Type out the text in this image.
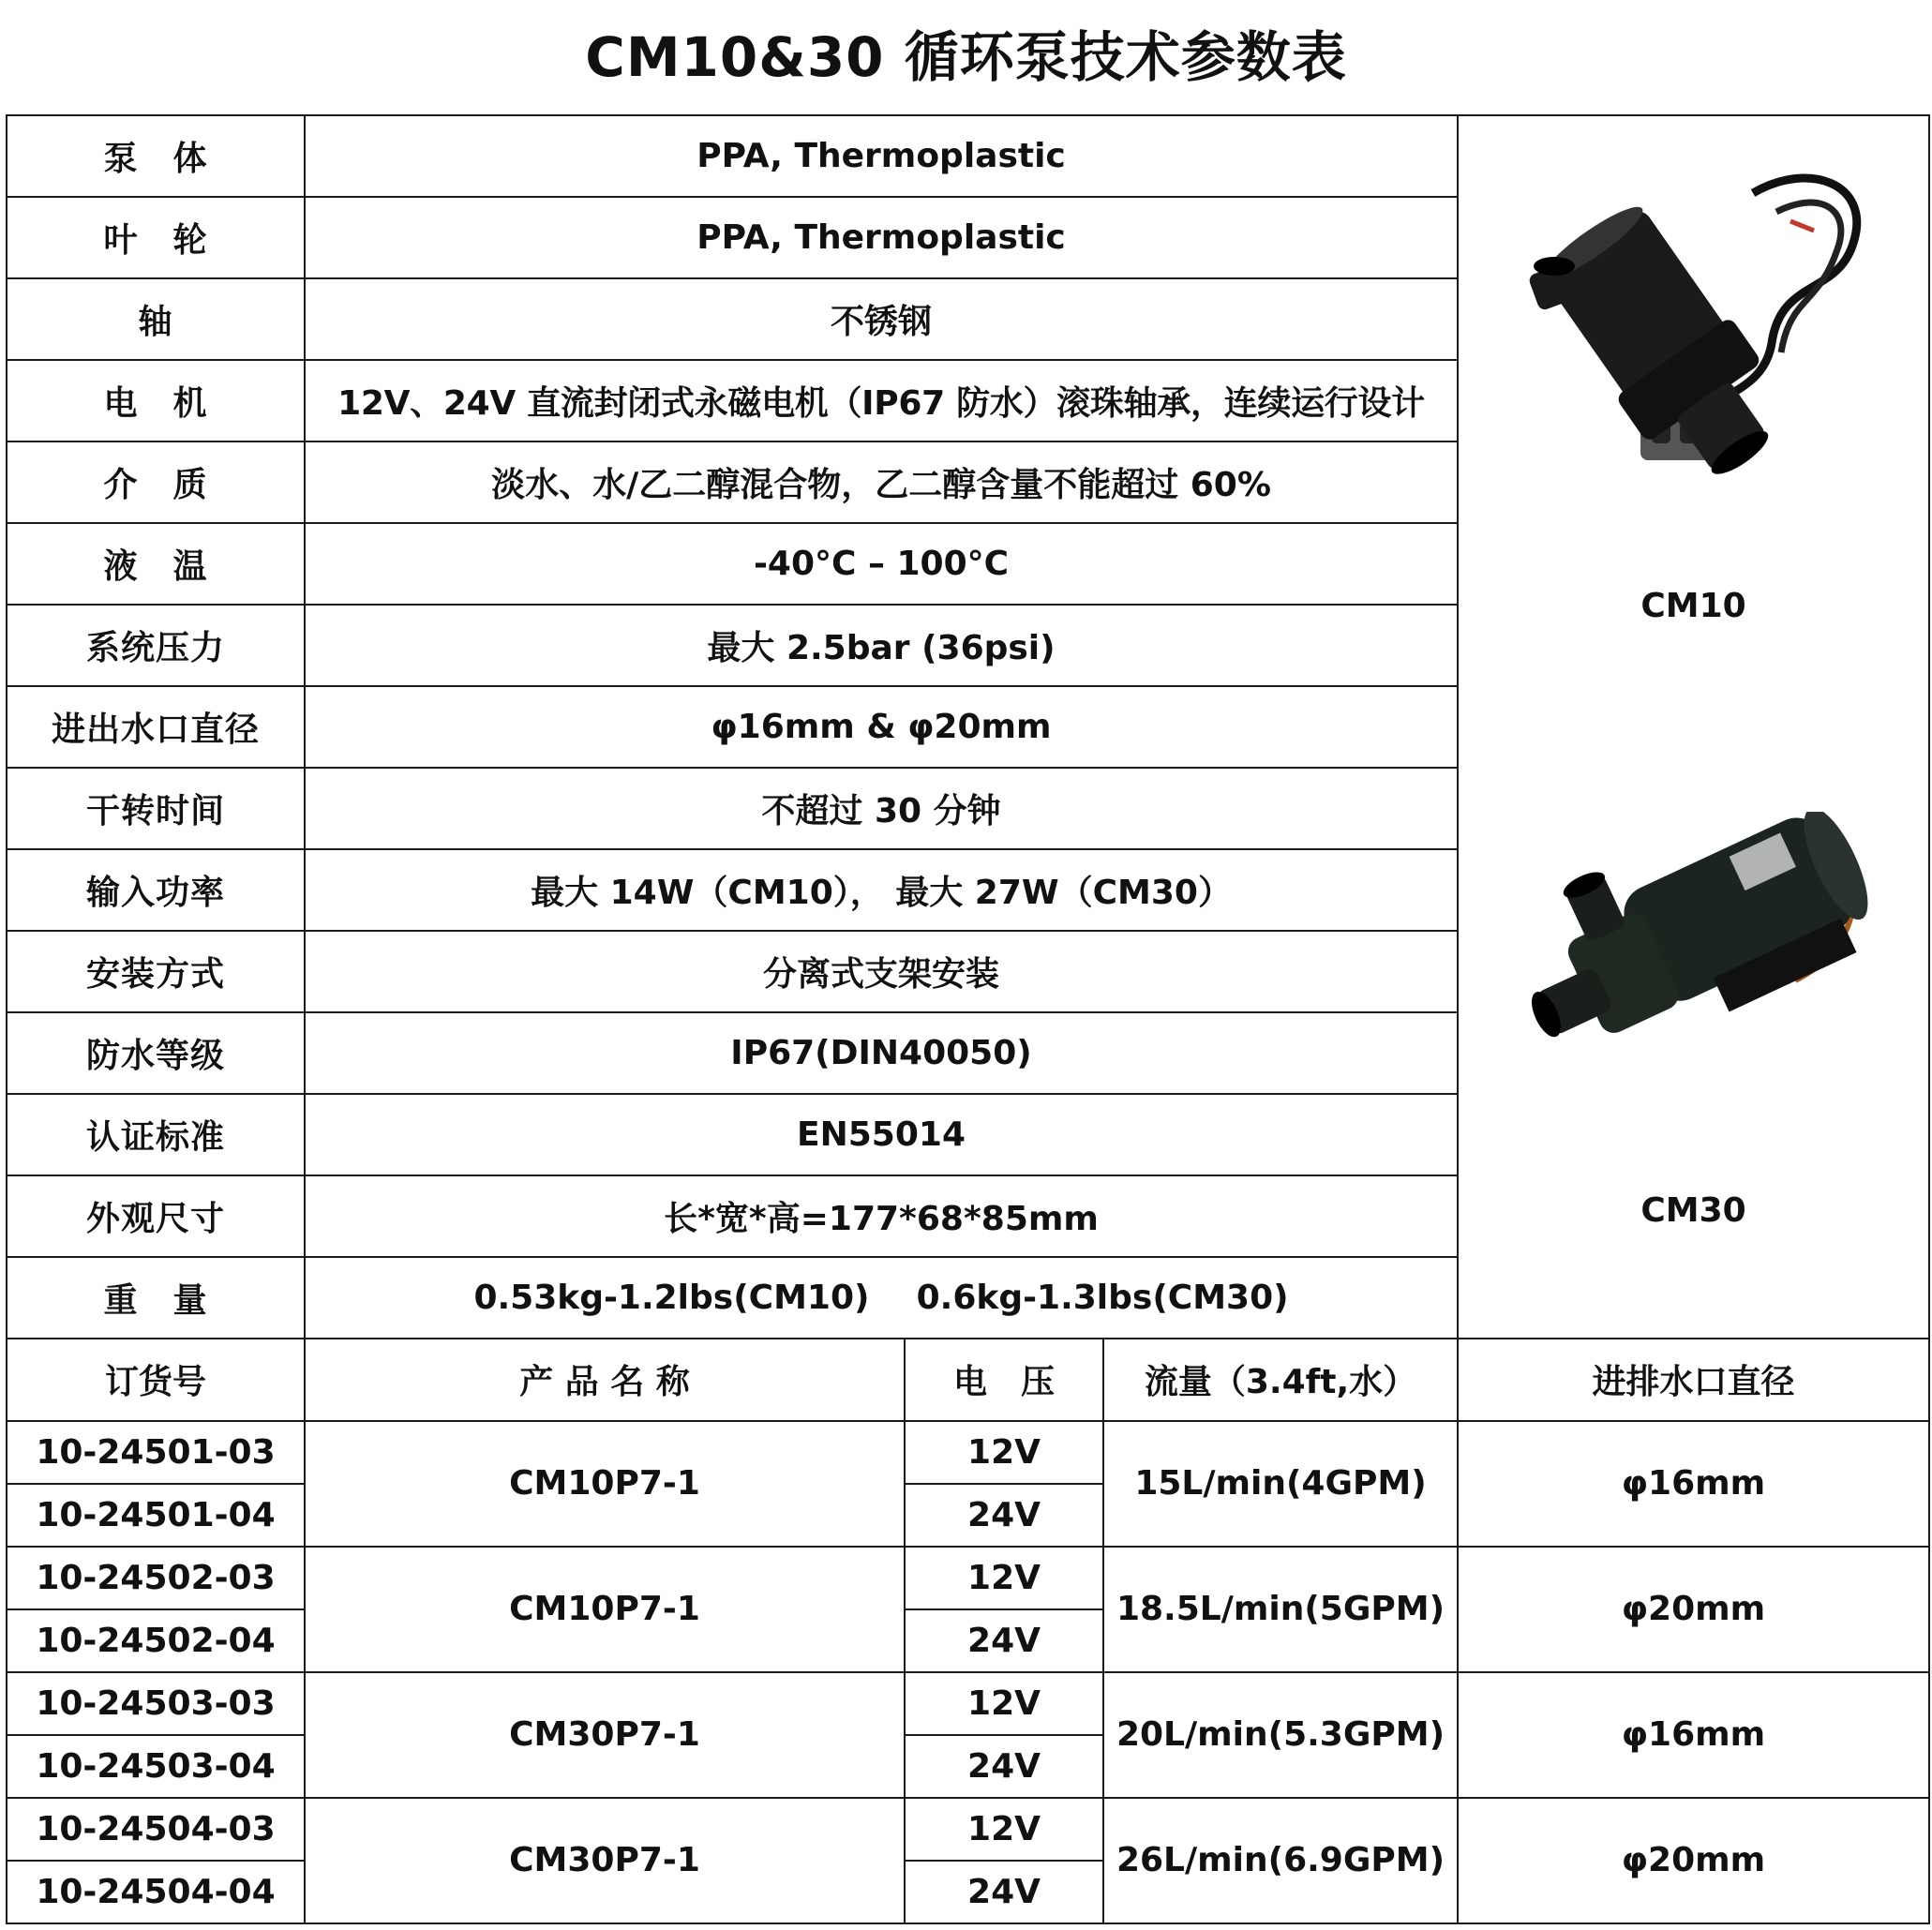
CM10&30 循环泵技术参数表
泵　体	PPA, Thermoplastic			CM10
CM30

叶　轮	PPA, Thermoplastic			
轴	不锈钢			
电　机	12V、24V 直流封闭式永磁电机（IP67 防水）滚珠轴承，连续运行设计			
介　质	淡水、水/乙二醇混合物，乙二醇含量不能超过 60%			
液　温	-40°C – 100°C			
系统压力	最大 2.5bar (36psi)			
进出水口直径	φ16mm & φ20mm			
干转时间	不超过 30 分钟			
输入功率	最大 14W（CM10）， 最大 27W（CM30）			
安装方式	分离式支架安装			
防水等级	IP67(DIN40050)			
认证标准	EN55014			
外观尺寸	长*宽*高=177*68*85mm			
重　量	0.53kg-1.2lbs(CM10)    0.6kg-1.3lbs(CM30)			
订货号	产 品 名 称	电　压	流量（3.4ft,水）	进排水口直径
10-24501-03	CM10P7-1	12V	15L/min(4GPM)	φ16mm
10-24501-04		24V		
10-24502-03	CM10P7-1	12V	18.5L/min(5GPM)	φ20mm
10-24502-04		24V		
10-24503-03	CM30P7-1	12V	20L/min(5.3GPM)	φ16mm
10-24503-04		24V		
10-24504-03	CM30P7-1	12V	26L/min(6.9GPM)	φ20mm
10-24504-04		24V		
